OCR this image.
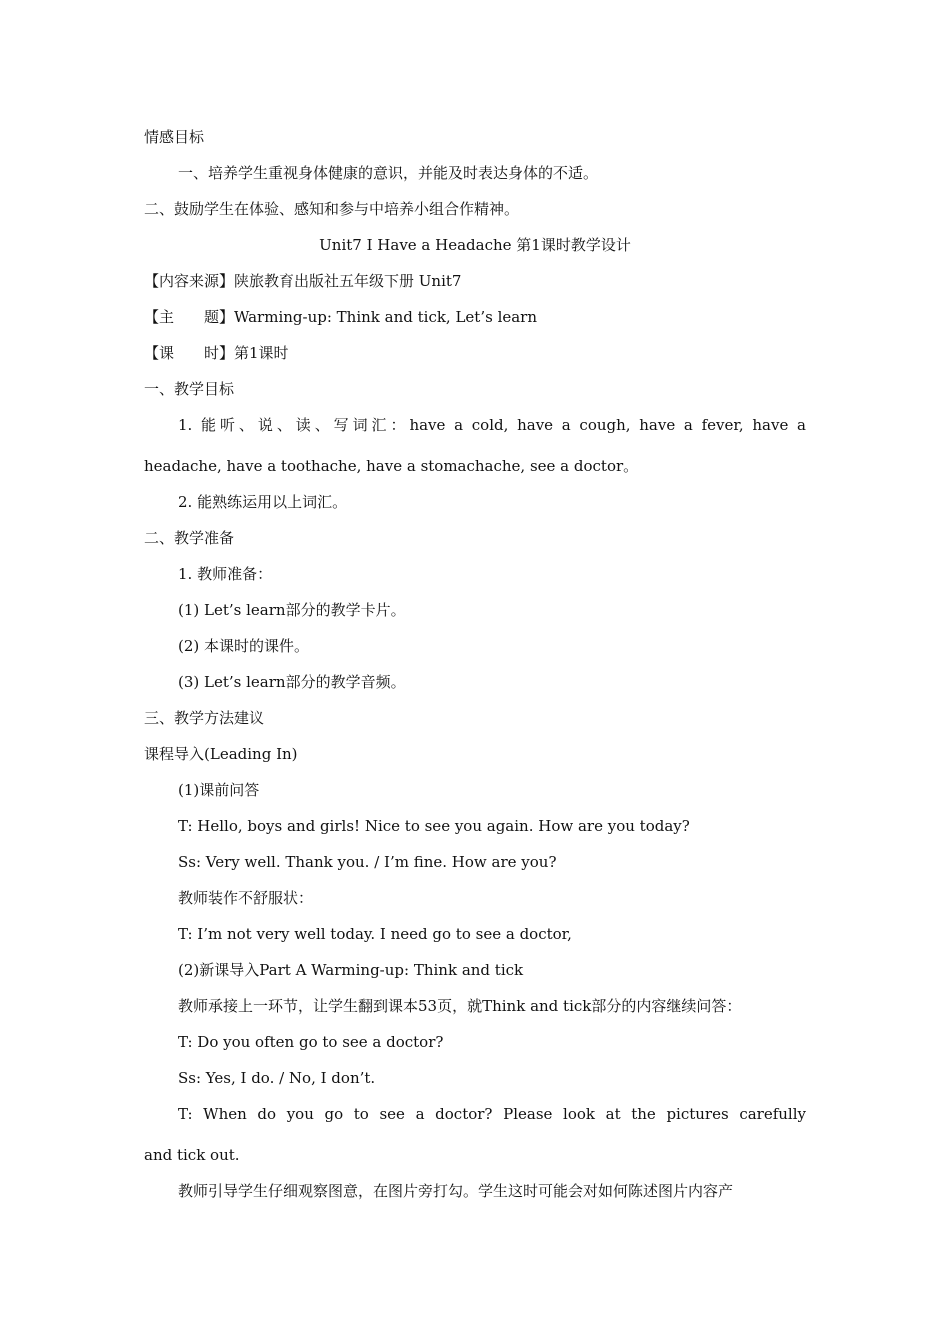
情感目标
一、培养学生重视身体健康的意识，并能及时表达身体的不适。
二、鼓励学生在体验、感知和参与中培养小组合作精神。
Unit7 I Have a Headache 第1课时教学设计
【内容来源】陕旅教育出版社五年级下册 Unit7
【主　　题】Warming-up: Think and tick, Let’s learn
【课　　时】第1课时
一、教学目标
1. 能听、说、读、写词汇：have a cold, have a cough, have a fever, have a
headache, have a toothache, have a stomachache, see a doctor。
2. 能熟练运用以上词汇。
二、教学准备
1. 教师准备：
(1) Let’s learn部分的教学卡片。
(2) 本课时的课件。
(3) Let’s learn部分的教学音频。
三、教学方法建议
课程导入(Leading In)
(1)课前问答
T: Hello, boys and girls! Nice to see you again. How are you today?
Ss: Very well. Thank you. / I’m fine. How are you?
教师装作不舒服状：
T: I’m not very well today. I need go to see a doctor,
(2)新课导入Part A Warming-up: Think and tick
教师承接上一环节，让学生翻到课本53页，就Think and tick部分的内容继续问答：
T: Do you often go to see a doctor?
Ss: Yes, I do. / No, I don’t.
T: When do you go to see a doctor? Please look at the pictures carefully
and tick out.
教师引导学生仔细观察图意，在图片旁打勾。学生这时可能会对如何陈述图片内容产
